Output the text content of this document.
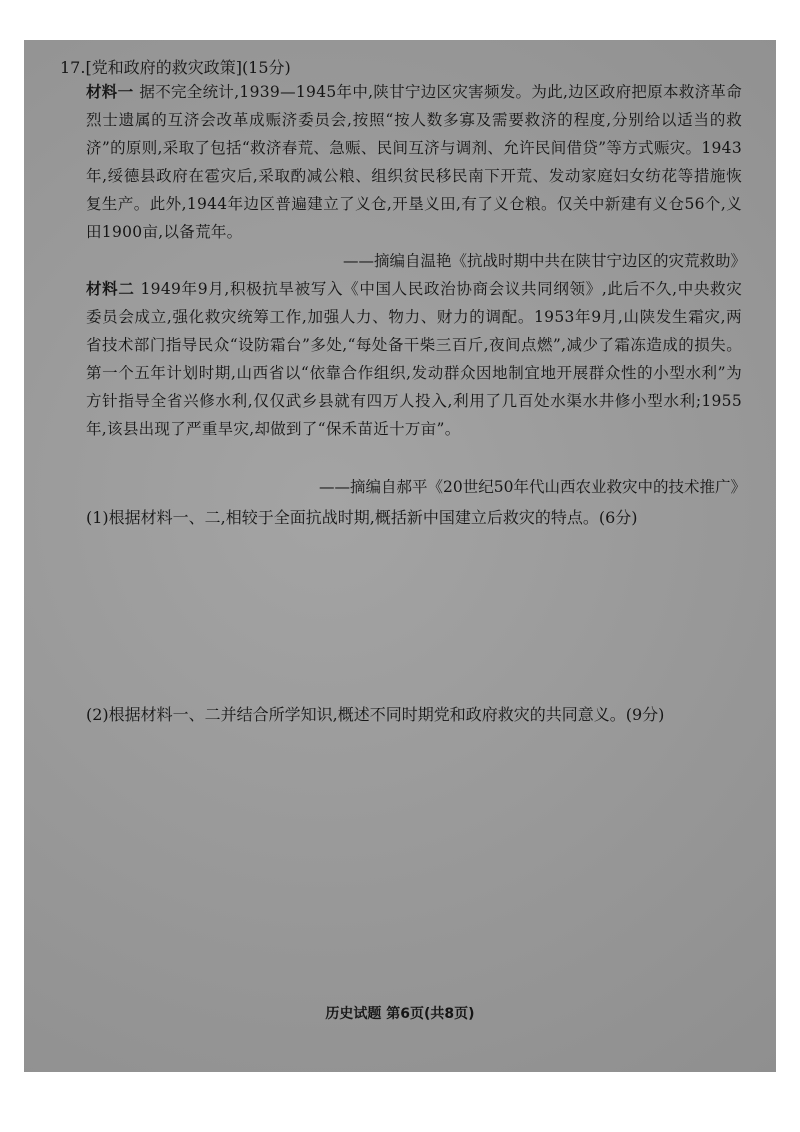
17.[党和政府的救灾政策](15分)
材料一 据不完全统计,1939—1945年中,陕甘宁边区灾害频发。为此,边区政府把原本救济革命烈士遗属的互济会改革成赈济委员会,按照“按人数多寡及需要救济的程度,分别给以适当的救济”的原则,采取了包括“救济春荒、急赈、民间互济与调剂、允许民间借贷”等方式赈灾。1943年,绥德县政府在雹灾后,采取酌减公粮、组织贫民移民南下开荒、发动家庭妇女纺花等措施恢复生产。此外,1944年边区普遍建立了义仓,开垦义田,有了义仓粮。仅关中新建有义仓56个,义田1900亩,以备荒年。
——摘编自温艳《抗战时期中共在陕甘宁边区的灾荒救助》
材料二 1949年9月,积极抗旱被写入《中国人民政治协商会议共同纲领》,此后不久,中央救灾委员会成立,强化救灾统筹工作,加强人力、物力、财力的调配。1953年9月,山陕发生霜灾,两省技术部门指导民众“设防霜台”多处,“每处备干柴三百斤,夜间点燃”,减少了霜冻造成的损失。第一个五年计划时期,山西省以“依靠合作组织,发动群众因地制宜地开展群众性的小型水利”为方针指导全省兴修水利,仅仅武乡县就有四万人投入,利用了几百处水渠水井修小型水利;1955年,该县出现了严重旱灾,却做到了“保禾苗近十万亩”。
——摘编自郝平《20世纪50年代山西农业救灾中的技术推广》
(1)根据材料一、二,相较于全面抗战时期,概括新中国建立后救灾的特点。(6分)
(2)根据材料一、二并结合所学知识,概述不同时期党和政府救灾的共同意义。(9分)
历史试题 第6页(共8页)
